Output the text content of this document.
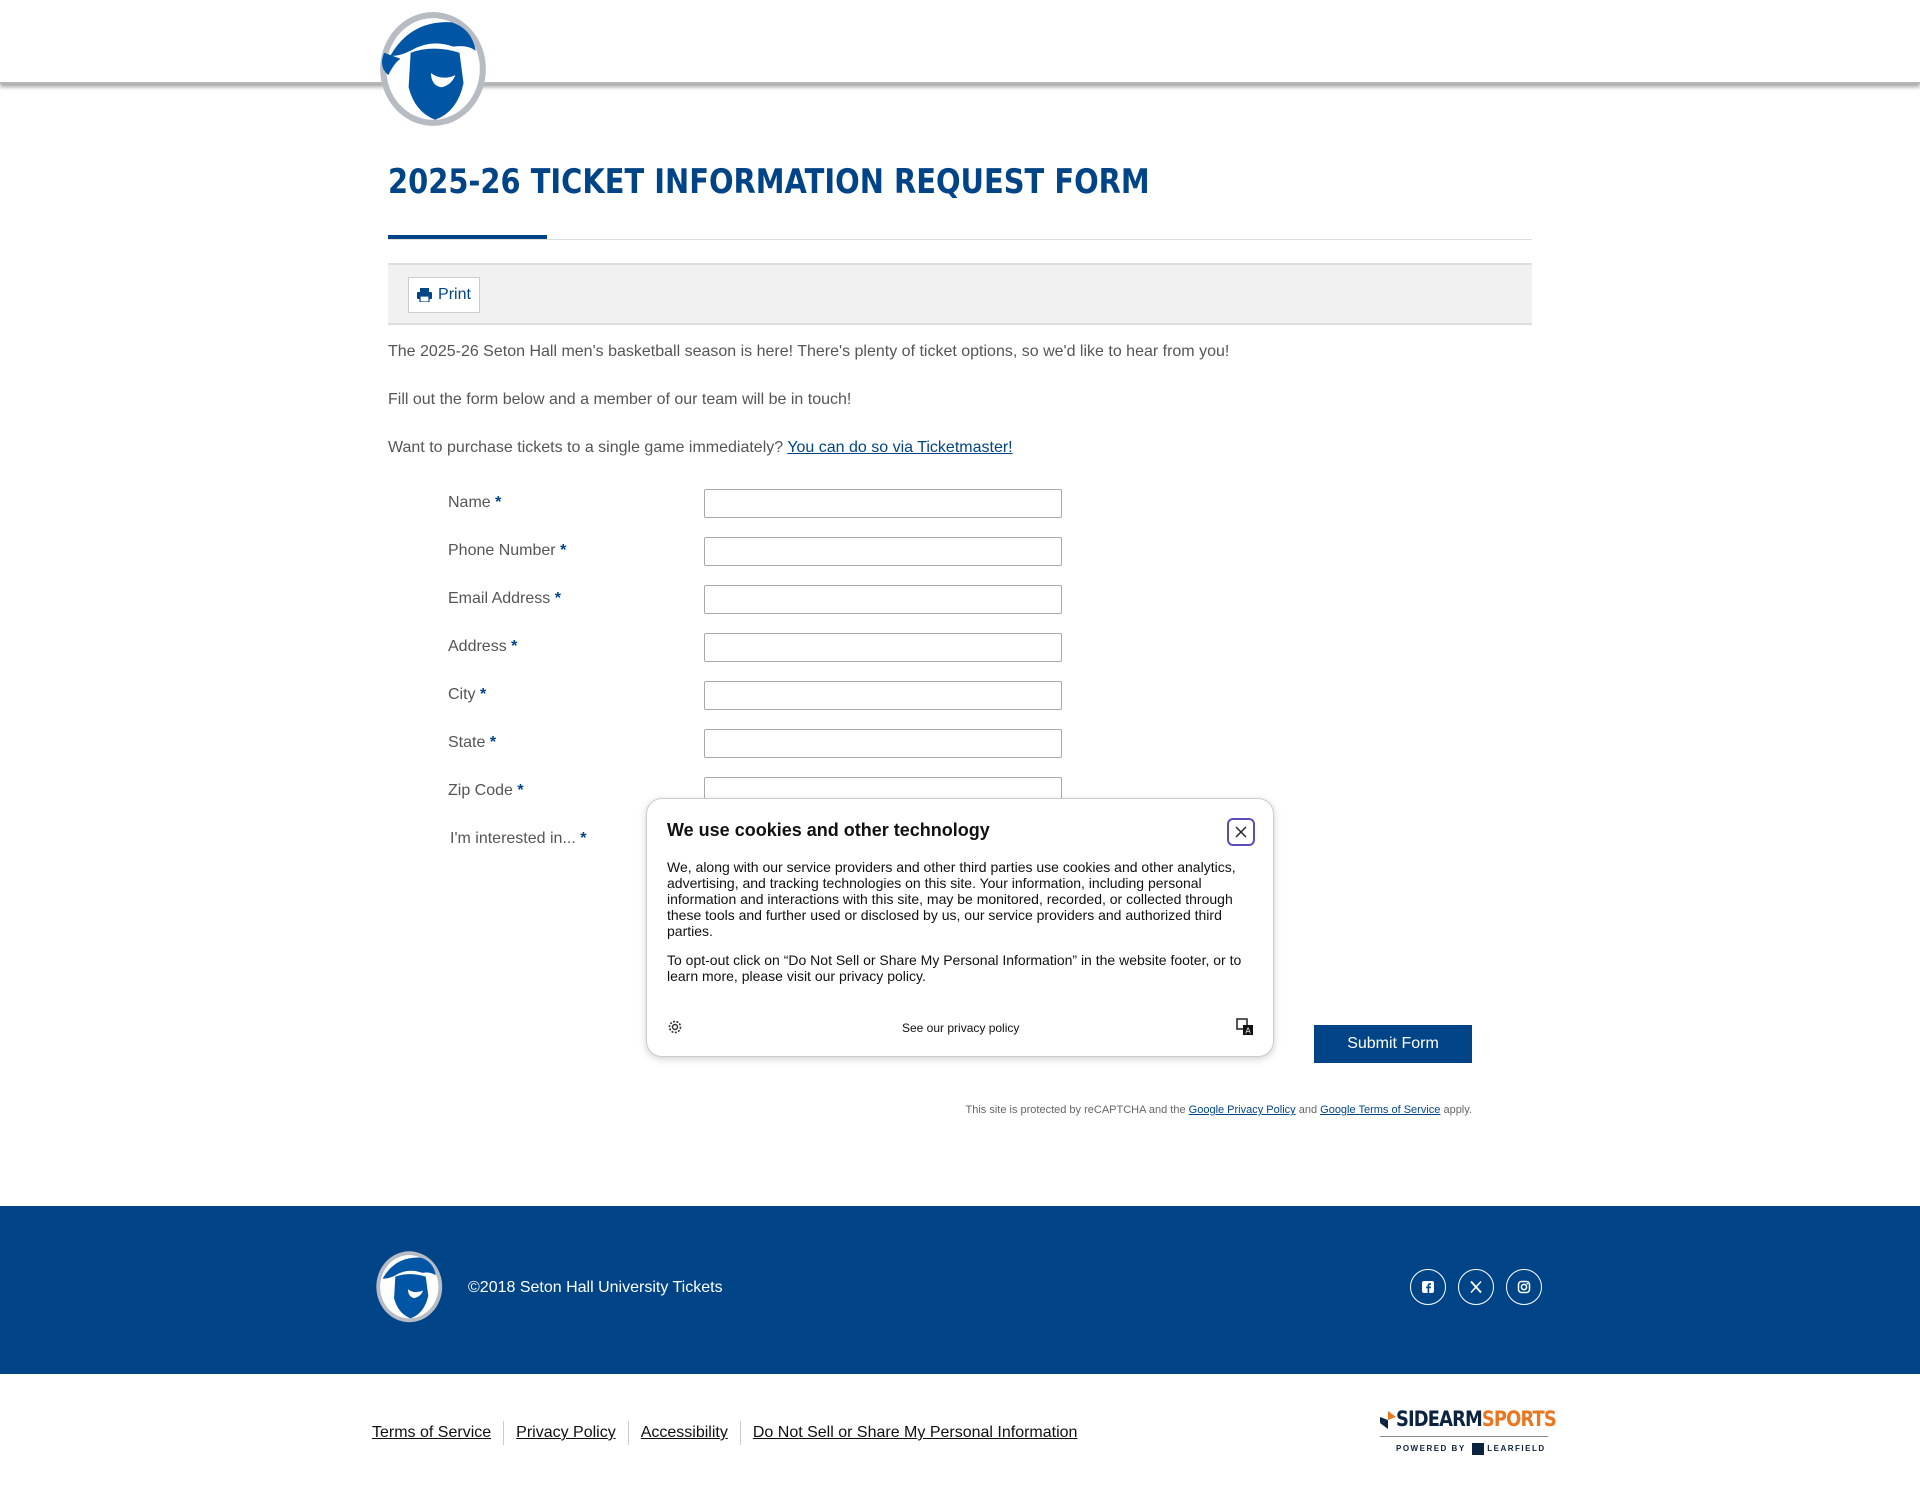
2025-26 TICKET INFORMATION REQUEST FORM
Print
The 2025-26 Seton Hall men's basketball season is here! There's plenty of ticket options, so we'd like to hear from you!
Fill out the form below and a member of our team will be in touch!
Want to purchase tickets to a single game immediately? You can do so via Ticketmaster!
Name *
Phone Number *
Email Address *
Address *
City *
State *
Zip Code *
I'm interested in... *
Submit Form
This site is protected by reCAPTCHA and the Google Privacy Policy and Google Terms of Service apply.
We use cookies and other technology
We, along with our service providers and other third parties use cookies and other analytics, advertising, and tracking technologies on this site. Your information, including personal information and interactions with this site, may be monitored, recorded, or collected through these tools and further used or disclosed by us, our service providers and authorized third parties.
To opt-out click on “Do Not Sell or Share My Personal Information” in the website footer, or to learn more, please visit our privacy policy.
See our privacy policy	A
©2018 Seton Hall University Tickets
Terms of Service	Privacy Policy	Accessibility	Do Not Sell or Share My Personal Information
SIDEARMSPORTS
POWERED BY	LEARFIELD
